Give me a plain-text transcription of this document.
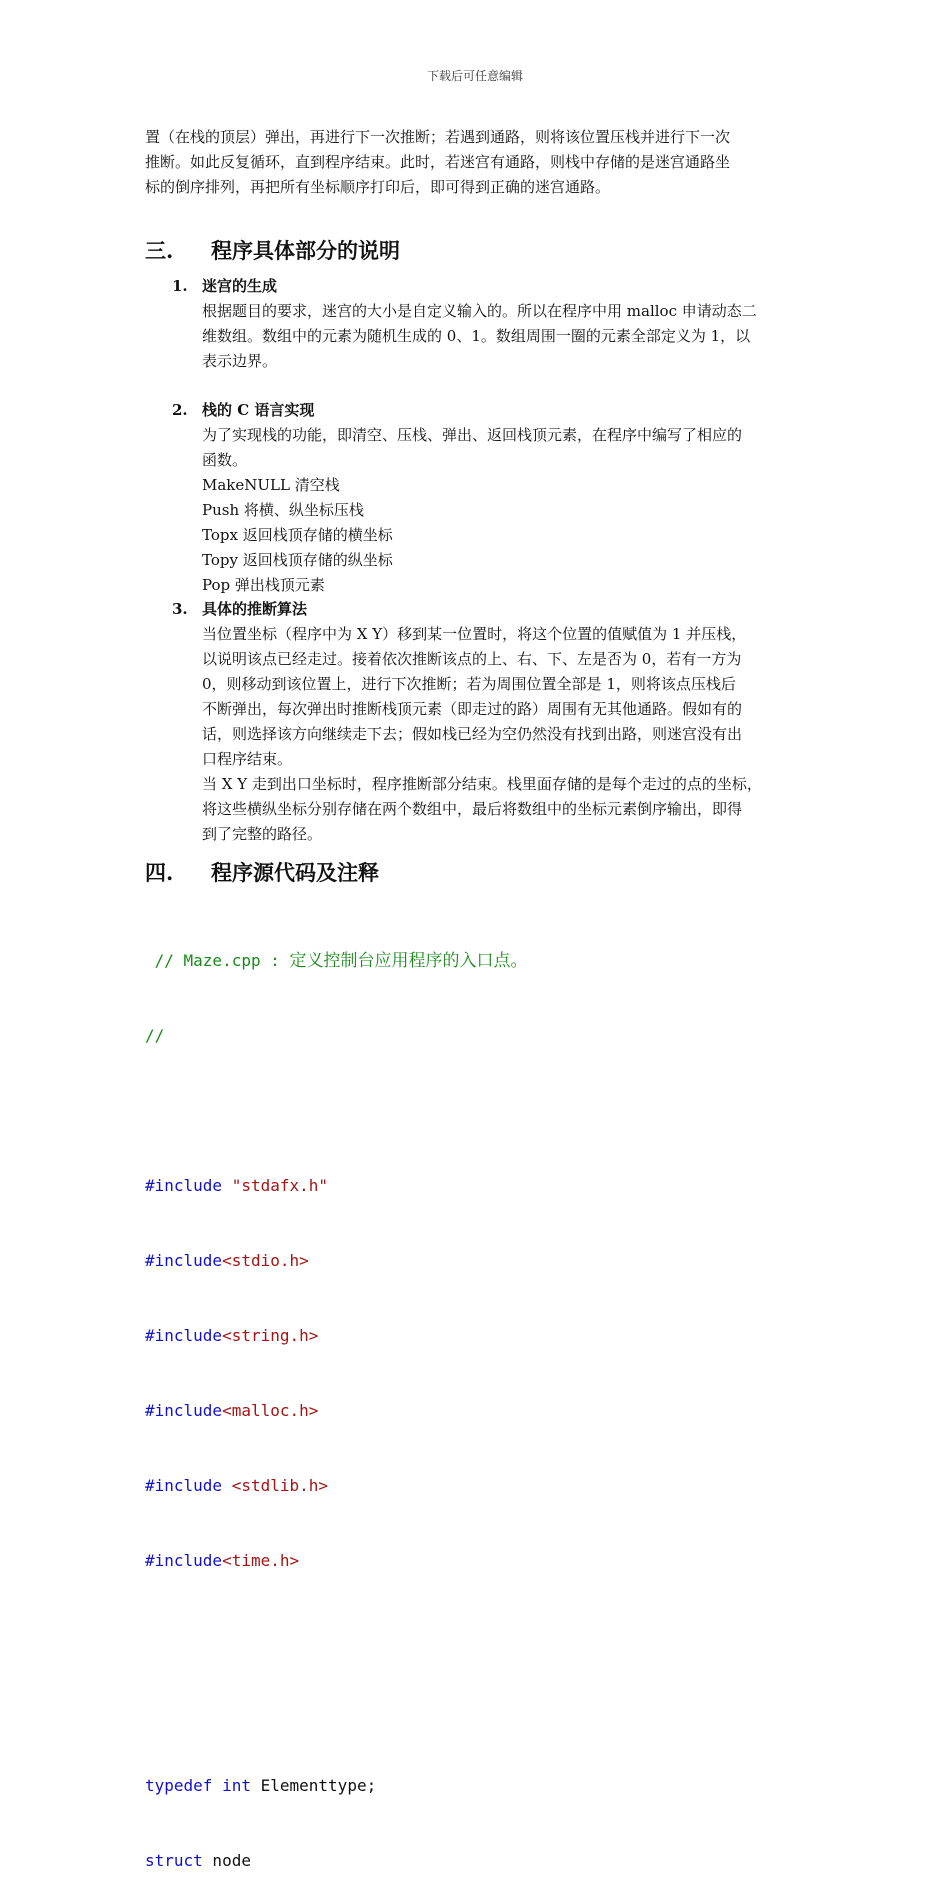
下载后可任意编辑
置（在栈的顶层）弹出，再进行下一次推断；若遇到通路，则将该位置压栈并进行下一次
推断。如此反复循环，直到程序结束。此时，若迷宫有通路，则栈中存储的是迷宫通路坐
标的倒序排列，再把所有坐标顺序打印后，即可得到正确的迷宫通路。
三. 程序具体部分的说明
1. 迷宫的生成
根据题目的要求，迷宫的大小是自定义输入的。所以在程序中用 malloc 申请动态二
维数组。数组中的元素为随机生成的 0、1。数组周围一圈的元素全部定义为 1，以
表示边界。
2. 栈的 C 语言实现
为了实现栈的功能，即清空、压栈、弹出、返回栈顶元素，在程序中编写了相应的
函数。
MakeNULL 清空栈
Push 将横、纵坐标压栈
Topx 返回栈顶存储的横坐标
Topy 返回栈顶存储的纵坐标
Pop 弹出栈顶元素
3. 具体的推断算法
当位置坐标（程序中为 X Y）移到某一位置时，将这个位置的值赋值为 1 并压栈，
以说明该点已经走过。接着依次推断该点的上、右、下、左是否为 0，若有一方为
0，则移动到该位置上，进行下次推断；若为周围位置全部是 1，则将该点压栈后
不断弹出，每次弹出时推断栈顶元素（即走过的路）周围有无其他通路。假如有的
话，则选择该方向继续走下去；假如栈已经为空仍然没有找到出路，则迷宫没有出
口程序结束。
当 X Y 走到出口坐标时，程序推断部分结束。栈里面存储的是每个走过的点的坐标，
将这些横纵坐标分别存储在两个数组中，最后将数组中的坐标元素倒序输出，即得
到了完整的路径。
四. 程序源代码及注释

// Maze.cpp : 定义控制台应用程序的入口点。

//

#include "stdafx.h"

#include<stdio.h>

#include<string.h>

#include<malloc.h>

#include <stdlib.h>

#include<time.h>

typedef int Elementtype;

struct node
